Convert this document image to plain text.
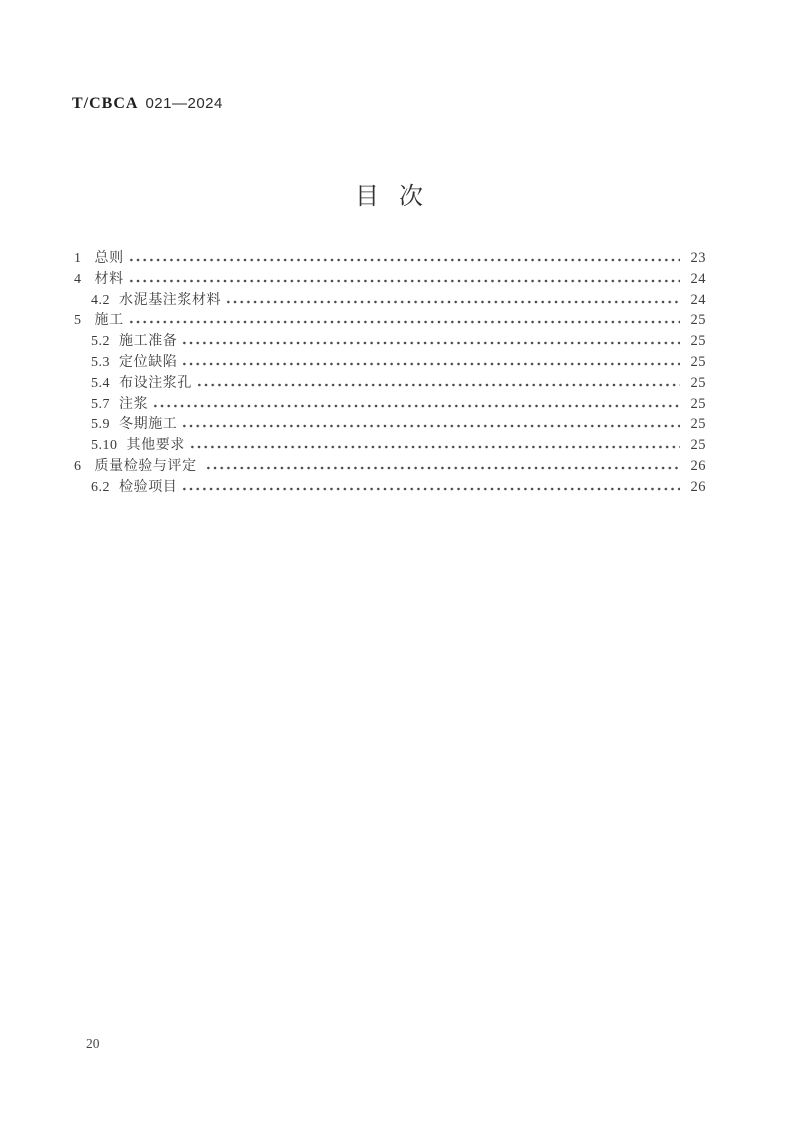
T/CBCA 021—2024
目 次
1 总则	23
4 材料	24
4.2 水泥基注浆材料	24
5 施工	25
5.2 施工准备	25
5.3 定位缺陷	25
5.4 布设注浆孔	25
5.7 注浆	25
5.9 冬期施工	25
5.10 其他要求	25
6 质量检验与评定	26
6.2 检验项目	26
20
